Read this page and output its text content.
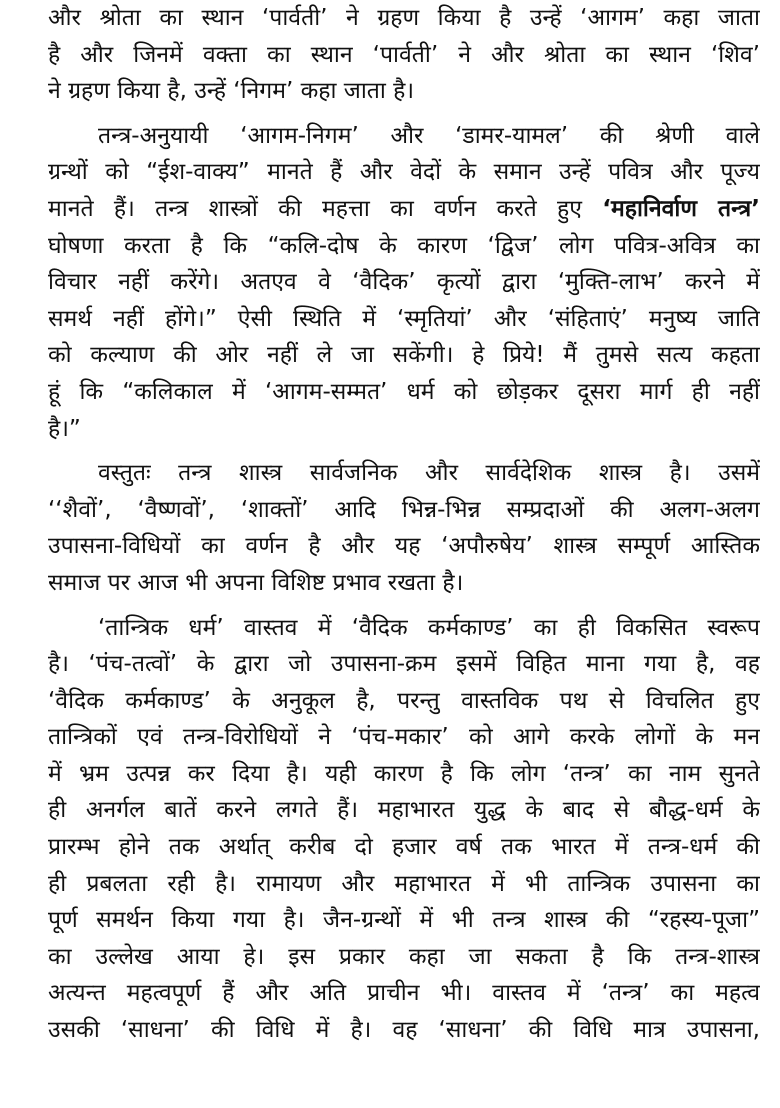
और श्रोता का स्थान ‘पार्वती’ ने ग्रहण किया है उन्हें ‘आगम’ कहा जाता
है और जिनमें वक्ता का स्थान ‘पार्वती’ ने और श्रोता का स्थान ‘शिव’
ने ग्रहण किया है, उन्हें ‘निगम’ कहा जाता है।
तन्त्र-अनुयायी ‘आगम-निगम’ और ‘डामर-यामल’ की श्रेणी वाले
ग्रन्थों को “ईश-वाक्य” मानते हैं और वेदों के समान उन्हें पवित्र और पूज्य
मानते हैं। तन्त्र शास्त्रों की महत्ता का वर्णन करते हुए ‘महानिर्वाण तन्त्र’
घोषणा करता है कि “कलि-दोष के कारण ‘द्विज’ लोग पवित्र-अवित्र का
विचार नहीं करेंगे। अतएव वे ‘वैदिक’ कृत्यों द्वारा ‘मुक्ति-लाभ’ करने में
समर्थ नहीं होंगे।” ऐसी स्थिति में ‘स्मृतियां’ और ‘संहिताएं’ मनुष्य जाति
को कल्याण की ओर नहीं ले जा सकेंगी। हे प्रिये! मैं तुमसे सत्य कहता
हूं कि “कलिकाल में ‘आगम-सम्मत’ धर्म को छोड़कर दूसरा मार्ग ही नहीं
है।”
वस्तुतः तन्त्र शास्त्र सार्वजनिक और सार्वदेशिक शास्त्र है। उसमें
‘‘शैवों’, ‘वैष्णवों’, ‘शाक्तों’ आदि भिन्न-भिन्न सम्प्रदाओं की अलग-अलग
उपासना-विधियों का वर्णन है और यह ‘अपौरुषेय’ शास्त्र सम्पूर्ण आस्तिक
समाज पर आज भी अपना विशिष्ट प्रभाव रखता है।
‘तान्त्रिक धर्म’ वास्तव में ‘वैदिक कर्मकाण्ड’ का ही विकसित स्वरूप
है। ‘पंच-तत्वों’ के द्वारा जो उपासना-क्रम इसमें विहित माना गया है, वह
‘वैदिक कर्मकाण्ड’ के अनुकूल है, परन्तु वास्तविक पथ से विचलित हुए
तान्त्रिकों एवं तन्त्र-विरोधियों ने ‘पंच-मकार’ को आगे करके लोगों के मन
में भ्रम उत्पन्न कर दिया है। यही कारण है कि लोग ‘तन्त्र’ का नाम सुनते
ही अनर्गल बातें करने लगते हैं। महाभारत युद्ध के बाद से बौद्ध-धर्म के
प्रारम्भ होने तक अर्थात् करीब दो हजार वर्ष तक भारत में तन्त्र-धर्म की
ही प्रबलता रही है। रामायण और महाभारत में भी तान्त्रिक उपासना का
पूर्ण समर्थन किया गया है। जैन-ग्रन्थों में भी तन्त्र शास्त्र की “रहस्य-पूजा”
का उल्लेख आया हे। इस प्रकार कहा जा सकता है कि तन्त्र-शास्त्र
अत्यन्त महत्वपूर्ण हैं और अति प्राचीन भी। वास्तव में ‘तन्त्र’ का महत्व
उसकी ‘साधना’ की विधि में है। वह ‘साधना’ की विधि मात्र उपासना,
